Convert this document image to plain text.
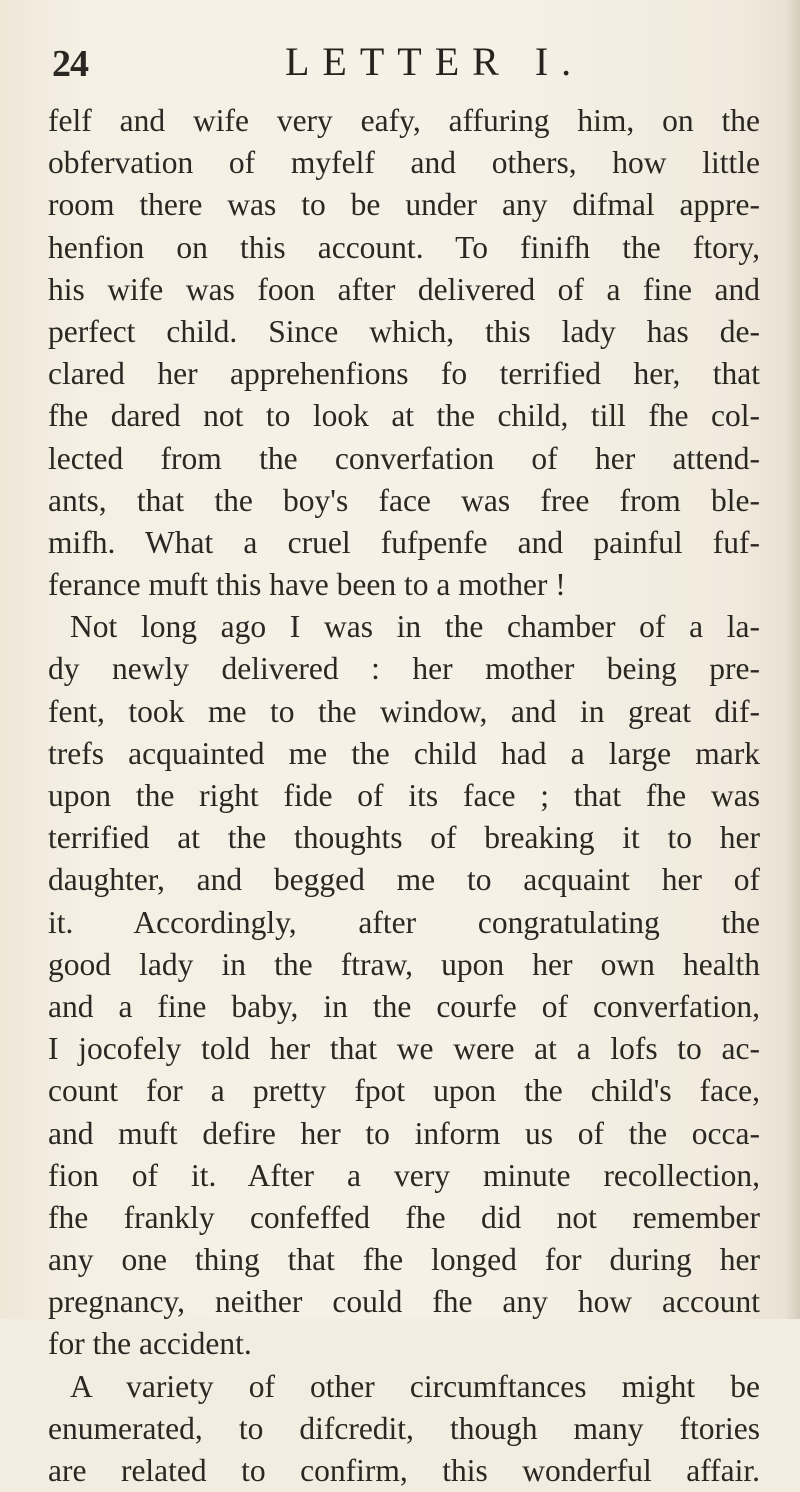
24	LETTER I.
felf and wife very eafy, affuring him, on the
obfervation of myfelf and others, how little
room there was to be under any difmal appre-
henfion on this account. To finifh the ftory,
his wife was foon after delivered of a fine and
perfect child. Since which, this lady has de-
clared her apprehenfions fo terrified her, that
fhe dared not to look at the child, till fhe col-
lected from the converfation of her attend-
ants, that the boy's face was free from ble-
mifh. What a cruel fufpenfe and painful fuf-
ferance muft this have been to a mother !
Not long ago I was in the chamber of a la-
dy newly delivered : her mother being pre-
fent, took me to the window, and in great dif-
trefs acquainted me the child had a large mark
upon the right fide of its face ; that fhe was
terrified at the thoughts of breaking it to her
daughter, and begged me to acquaint her of
it. Accordingly, after congratulating the
good lady in the ftraw, upon her own health
and a fine baby, in the courfe of converfation,
I jocofely told her that we were at a lofs to ac-
count for a pretty fpot upon the child's face,
and muft defire her to inform us of the occa-
fion of it. After a very minute recollection,
fhe frankly confeffed fhe did not remember
any one thing that fhe longed for during her
pregnancy, neither could fhe any how account
for the accident.
A variety of other circumftances might be
enumerated, to difcredit, though many ftories
are related to confirm, this wonderful affair.
